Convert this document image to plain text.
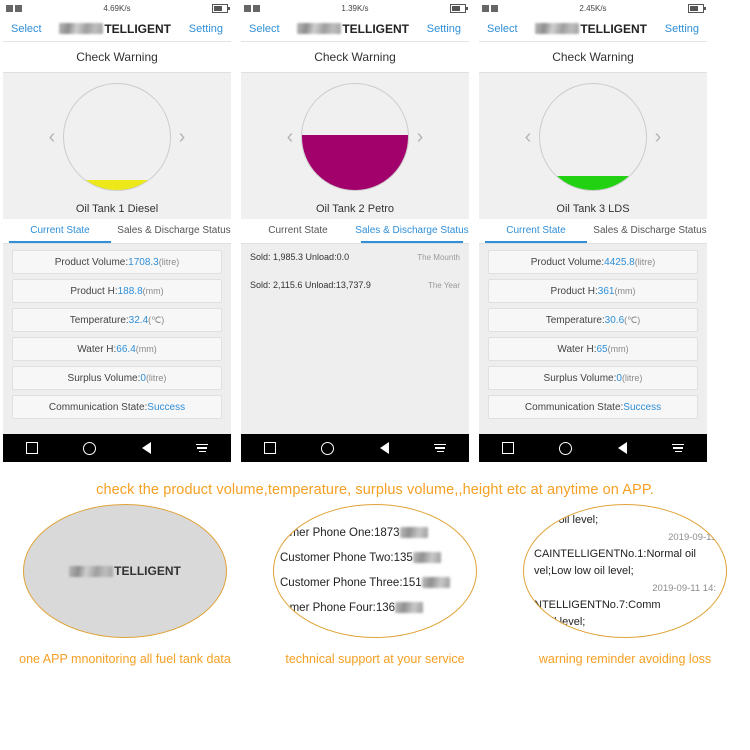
4.69K/s
Select	TELLIGENT Setting
Check Warning
‹	›
Oil Tank 1 Diesel
Current State	Sales & Discharge Status
Product Volume: 1708.3 (litre)
Product H: 188.8 (mm)
Temperature: 32.4 (℃)
Water H: 66.4 (mm)
Surplus Volume: 0 (litre)
Communication State: Success
1.39K/s
Select	TELLIGENT Setting
Check Warning
‹	›
Oil Tank 2 Petro
Current State	Sales & Discharge Status
Sold: 1,985.3 Unload:0.0	The Mounth
Sold: 2,115.6 Unload:13,737.9	The Year
2.45K/s
Select	TELLIGENT Setting
Check Warning
‹	›
Oil Tank 3 LDS
Current State	Sales & Discharge Status
Product Volume: 4425.8 (litre)
Product H: 361 (mm)
Temperature: 30.6 (℃)
Water H: 65 (mm)
Surplus Volume: 0 (litre)
Communication State: Success
check the product volume,temperature, surplus volume,,height etc at anytime on APP.
TELLIGENT
one APP mnonitoring all fuel tank data
tomer Phone One:1873
Customer Phone Two:135
Customer Phone Three:151
tomer Phone Four:136
technical support at your service
rmal oil level;
2019-09-11
CAINTELLIGENTNo.1:Normal oil
vel;Low low oil level;
2019-09-11 14:
NTELLIGENTNo.7:Comm
al oil level;
warning reminder avoiding loss
